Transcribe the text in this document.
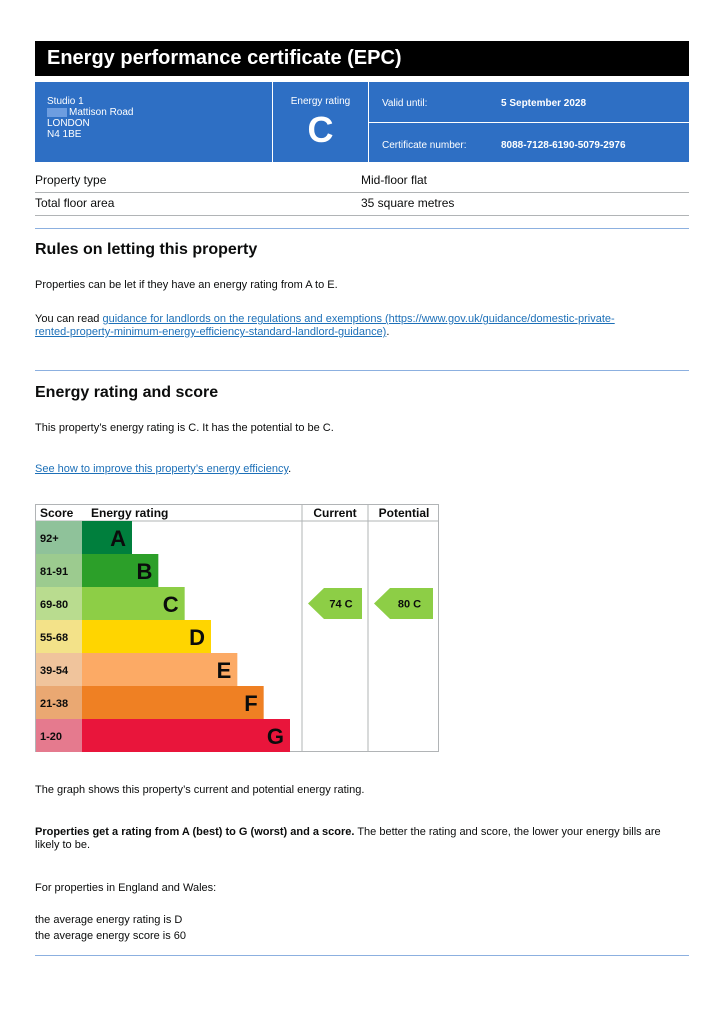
Energy performance certificate (EPC)
Studio 1
Mattison Road
LONDON
N4 1BE
Energy rating
C
Valid until:	5 September 2028
Certificate number:	8088-7128-6190-5079-2976
Property type	Mid-floor flat
Total floor area	35 square metres
Rules on letting this property
Properties can be let if they have an energy rating from A to E.
You can read guidance for landlords on the regulations and exemptions (https://www.gov.uk/guidance/domestic-private-
rented-property-minimum-energy-efficiency-standard-landlord-guidance).
Energy rating and score
This property’s energy rating is C. It has the potential to be C.
See how to improve this property’s energy efficiency.
Score Energy rating	Current Potential
92+ A
81-91	B
69-80	C
55-68	D
39-54	E
21-38	F
1-20	G
74 C	80 C
The graph shows this property’s current and potential energy rating.
Properties get a rating from A (best) to G (worst) and a score. The better the rating and score, the lower your energy bills are likely to be.
For properties in England and Wales:
the average energy rating is D
the average energy score is 60
